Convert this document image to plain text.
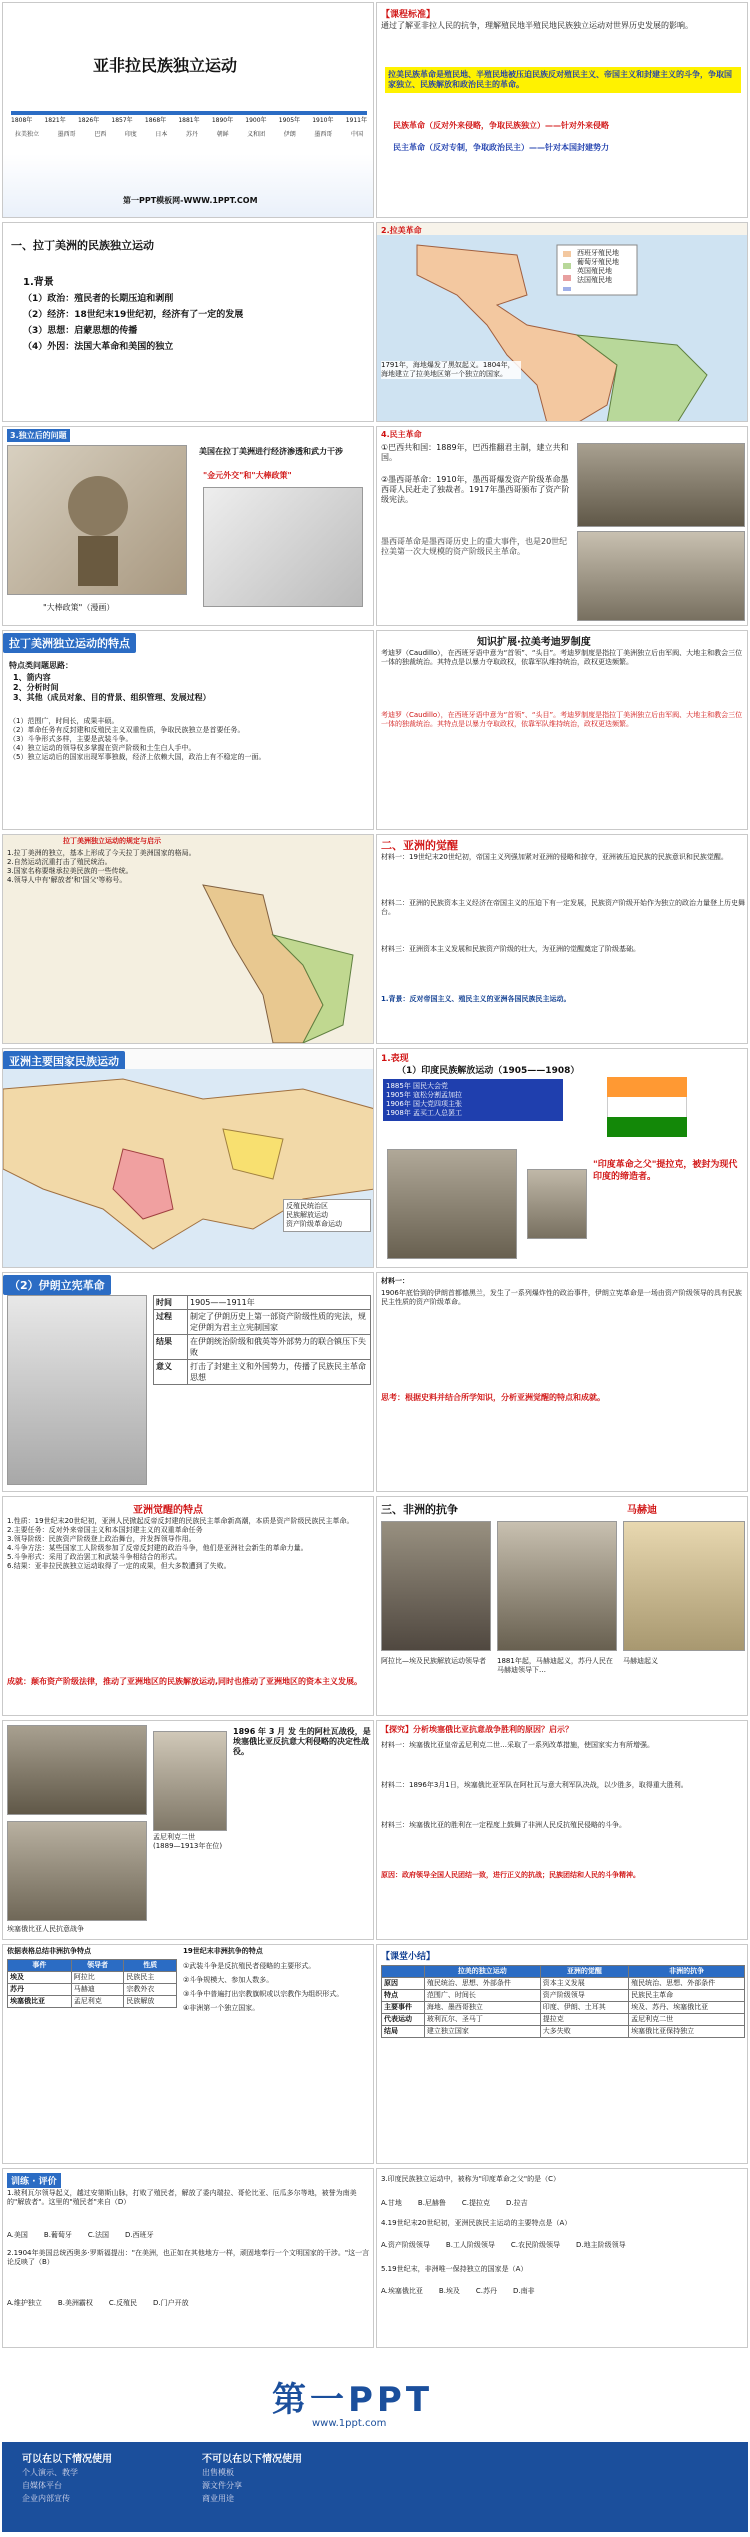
亚非拉民族独立运动
1808年 1821年 1826年 1857年 1868年 1881年 1890年 1900年 1905年 1910年 1911年
拉美独立	墨西哥	巴西	印度	日本	苏丹	朝鲜	义和团	伊朗	墨西哥	中国
第一PPT模板网-WWW.1PPT.COM
【课程标准】
通过了解亚非拉人民的抗争，理解殖民地半殖民地民族独立运动对世界历史发展的影响。
拉美民族革命是殖民地、半殖民地被压迫民族反对殖民主义、帝国主义和封建主义的斗争，争取国家独立、民族解放和政治民主的革命。
民族革命（反对外来侵略，争取民族独立）——针对外来侵略
民主革命（反对专制，争取政治民主）——针对本国封建势力
一、拉丁美洲的民族独立运动
1.背景
（1）政治：殖民者的长期压迫和剥削
（2）经济：18世纪末19世纪初，经济有了一定的发展
（3）思想：启蒙思想的传播
（4）外因：法国大革命和美国的独立
2.拉美革命
西班牙殖民地
葡萄牙殖民地
英国殖民地
法国殖民地
1791年，海地爆发了黑奴起义。1804年，海地建立了拉美地区第一个独立的国家。
3.独立后的问题
美国在拉丁美洲进行经济渗透和武力干涉
"金元外交"和"大棒政策"
"大棒政策"（漫画）
4.民主革命
①巴西共和国：1889年，巴西推翻君主制，建立共和国。
②墨西哥革命：1910年，墨西哥爆发资产阶级革命墨西哥人民赶走了独裁者。1917年墨西哥颁布了资产阶级宪法。
墨西哥革命是墨西哥历史上的重大事件，也是20世纪拉美第一次大规模的资产阶级民主革命。
拉丁美洲独立运动的特点
特点类问题思路：
1、箭内容
2、分析时间
3、其他（成员对象、目的背景、组织管理、发展过程）
（1）范围广，时间长，成果丰硕。
（2）革命任务有反封建和反殖民主义双重性质，争取民族独立是首要任务。
（3）斗争形式多样，主要是武装斗争。
（4）独立运动的领导权多掌握在资产阶级和土生白人手中。
（5）独立运动后的国家出现军事独裁，经济上依赖大国，政治上有不稳定的一面。
知识扩展·拉美考迪罗制度
考迪罗（Caudillo），在西班牙语中意为“首领”、“头目”。考迪罗制度是指拉丁美洲独立后由军阀、大地主和教会三位一体的独裁统治。其特点是以暴力夺取政权，依靠军队维持统治，政权更迭频繁。
考迪罗（Caudillo），在西班牙语中意为“首领”、“头目”。考迪罗制度是指拉丁美洲独立后由军阀、大地主和教会三位一体的独裁统治。其特点是以暴力夺取政权，依靠军队维持统治，政权更迭频繁。
拉丁美洲独立运动的规定与启示
1.拉丁美洲的独立，基本上形成了今天拉丁美洲国家的格局。
2.自然运动沉重打击了殖民统治。
3.国家名称要继承拉美民族的一些传统。
4.领导人中有'解放者'和'国父'等称号。
二、亚洲的觉醒
材料一：19世纪末20世纪初，帝国主义列强加紧对亚洲的侵略和掠夺，亚洲被压迫民族的民族意识和民族觉醒。
材料二：亚洲的民族资本主义经济在帝国主义的压迫下有一定发展，民族资产阶级开始作为独立的政治力量登上历史舞台。
材料三：亚洲资本主义发展和民族资产阶级的壮大，为亚洲的觉醒奠定了阶级基础。
1.背景：反对帝国主义、殖民主义的亚洲各国民族民主运动。
亚洲主要国家民族运动
反殖民统治区
民族解放运动
资产阶级革命运动
1.表现
（1）印度民族解放运动（1905——1908）
1885年 国民大会党
1905年 寇松分割孟加拉
1906年 国大党四项主张
1908年 孟买工人总罢工
"印度革命之父"提拉克，被封为现代印度的缔造者。
（2）伊朗立宪革命
时间	1905——1911年
过程	制定了伊朗历史上第一部资产阶级性质的宪法，规定伊朗为君主立宪制国家
结果	在伊朗统治阶级和俄英等外部势力的联合镇压下失败
意义	打击了封建主义和外国势力，传播了民族民主革命思想
材料一：
1906年底恰到的伊朗首都德黑兰，发生了一系列爆炸性的政治事件，伊朗立宪革命是一场由资产阶级领导的具有民族民主性质的资产阶级革命。
思考：根据史料并结合所学知识，分析亚洲觉醒的特点和成就。
亚洲觉醒的特点
1.性质：19世纪末20世纪初，亚洲人民掀起反帝反封建的民族民主革命新高潮，本质是资产阶级民族民主革命。
2.主要任务：反对外来帝国主义和本国封建主义的双重革命任务
3.领导阶级：民族资产阶级登上政治舞台，并发挥领导作用。
4.斗争方法：某些国家工人阶级参加了反帝反封建的政治斗争，他们是亚洲社会新生的革命力量。
5.斗争形式：采用了政治罢工和武装斗争相结合的形式。
6.结果：亚非拉民族独立运动取得了一定的成果，但大多数遭到了失败。
成就：颠布资产阶级法律，推动了亚洲地区的民族解放运动,同时也推动了亚洲地区的资本主义发展。
三、非洲的抗争	马赫迪
阿拉比—埃及民族解放运动领导者	1881年起，马赫迪起义，苏丹人民在马赫迪领导下…
马赫迪起义
1896 年 3 月 发 生的阿杜瓦战役，是埃塞俄比亚反抗意大利侵略的决定性战役。
孟尼利克二世
(1889—1913年在位)
埃塞俄比亚人民抗意战争
【探究】分析埃塞俄比亚抗意战争胜利的原因？启示？
材料一：埃塞俄比亚皇帝孟尼利克二世…采取了一系列改革措施，使国家实力有所增强。
材料二：1896年3月1日，埃塞俄比亚军队在阿杜瓦与意大利军队决战，以少胜多，取得重大胜利。
材料三：埃塞俄比亚的胜利在一定程度上鼓舞了非洲人民反抗殖民侵略的斗争。
原因：政府领导全国人民团结一致，进行正义的抗战；民族团结和人民的斗争精神。
依据表格总结非洲抗争特点
事件	领导者	性质
埃及	阿拉比	民族民主
苏丹	马赫迪	宗教外衣
埃塞俄比亚	孟尼利克	民族解放
19世纪末非洲抗争的特点
①武装斗争是反抗殖民者侵略的主要形式。
②斗争规模大、参加人数多。
③斗争中普遍打出宗教旗帜或以宗教作为组织形式。
④非洲第一个独立国家。
【课堂小结】
	拉美的独立运动	亚洲的觉醒	非洲的抗争
原因	殖民统治、思想、外部条件	资本主义发展	殖民统治、思想、外部条件
特点	范围广、时间长	资产阶级领导	民族民主革命
主要事件	海地、墨西哥独立	印度、伊朗、土耳其	埃及、苏丹、埃塞俄比亚
代表运动	玻利瓦尔、圣马丁	提拉克	孟尼利克二世
结局	建立独立国家	大多失败	埃塞俄比亚保持独立
训练 · 评价
1.玻利瓦尔领导起义，越过安第斯山脉，打败了殖民者，解放了委内瑞拉、哥伦比亚、厄瓜多尔等地，被誉为南美的"解放者"。这里的"殖民者"来自（D）
A.美国 B.葡萄牙 C.法国 D.西班牙
2.1904年美国总统西奥多·罗斯福提出："在美洲，也正如在其他地方一样，顽固地奉行一个文明国家的干涉。"这一言论反映了（B）
A.维护独立 B.美洲霸权 C.反殖民 D.门户开放
3.印度民族独立运动中，被称为"印度革命之父"的是（C）
A.甘地 B.尼赫鲁 C.提拉克 D.拉吉
4.19世纪末20世纪初，亚洲民族民主运动的主要特点是（A）
A.资产阶级领导 B.工人阶级领导 C.农民阶级领导 D.地主阶级领导
5.19世纪末，非洲唯一保持独立的国家是（A）
A.埃塞俄比亚 B.埃及 C.苏丹 D.南非
第一PPT
www.1ppt.com
可以在以下情况使用
个人演示、教学
自媒体平台
企业内部宣传
不可以在以下情况使用
出售模板
源文件分享
商业用途
